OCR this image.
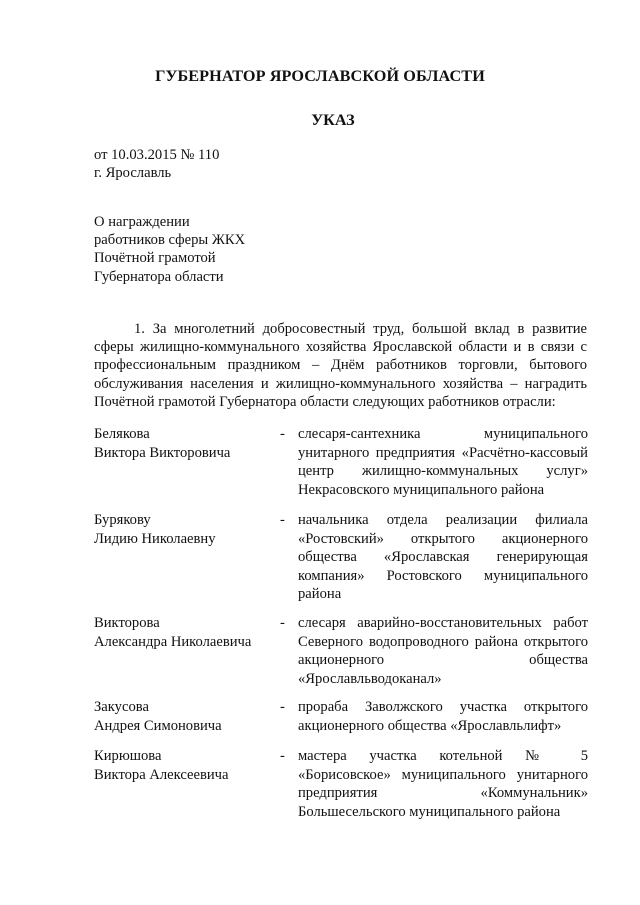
ГУБЕРНАТОР ЯРОСЛАВСКОЙ ОБЛАСТИ
УКАЗ
от 10.03.2015 № 110
г. Ярославль
О награждении
работников сферы ЖКХ
Почётной грамотой
Губернатора области
1. За многолетний добросовестный труд, большой вклад в развитие сферы жилищно-коммунального хозяйства Ярославской области и в связи с профессиональным праздником – Днём работников торговли, бытового обслуживания населения и жилищно-коммунального хозяйства – наградить Почётной грамотой Губернатора области следующих работников отрасли:
Белякова
Виктора Викторовича
- слесаря-сантехника муниципального унитарного предприятия «Расчётно-кассовый центр жилищно-коммунальных услуг» Некрасовского муниципального района
Бурякову
Лидию Николаевну
- начальника отдела реализации филиала «Ростовский» открытого акционерного общества «Ярославская генерирующая компания» Ростовского муниципального района
Викторова
Александра Николаевича
- слесаря аварийно-восстановительных работ Северного водопроводного района открытого акционерного общества «Ярославльводоканал»
Закусова
Андрея Симоновича
- прораба Заволжского участка открытого акционерного общества «Ярославльлифт»
Кирюшова
Виктора Алексеевича
- мастера участка котельной № 5 «Борисовское» муниципального унитарного предприятия «Коммунальник» Большесельского муниципального района
